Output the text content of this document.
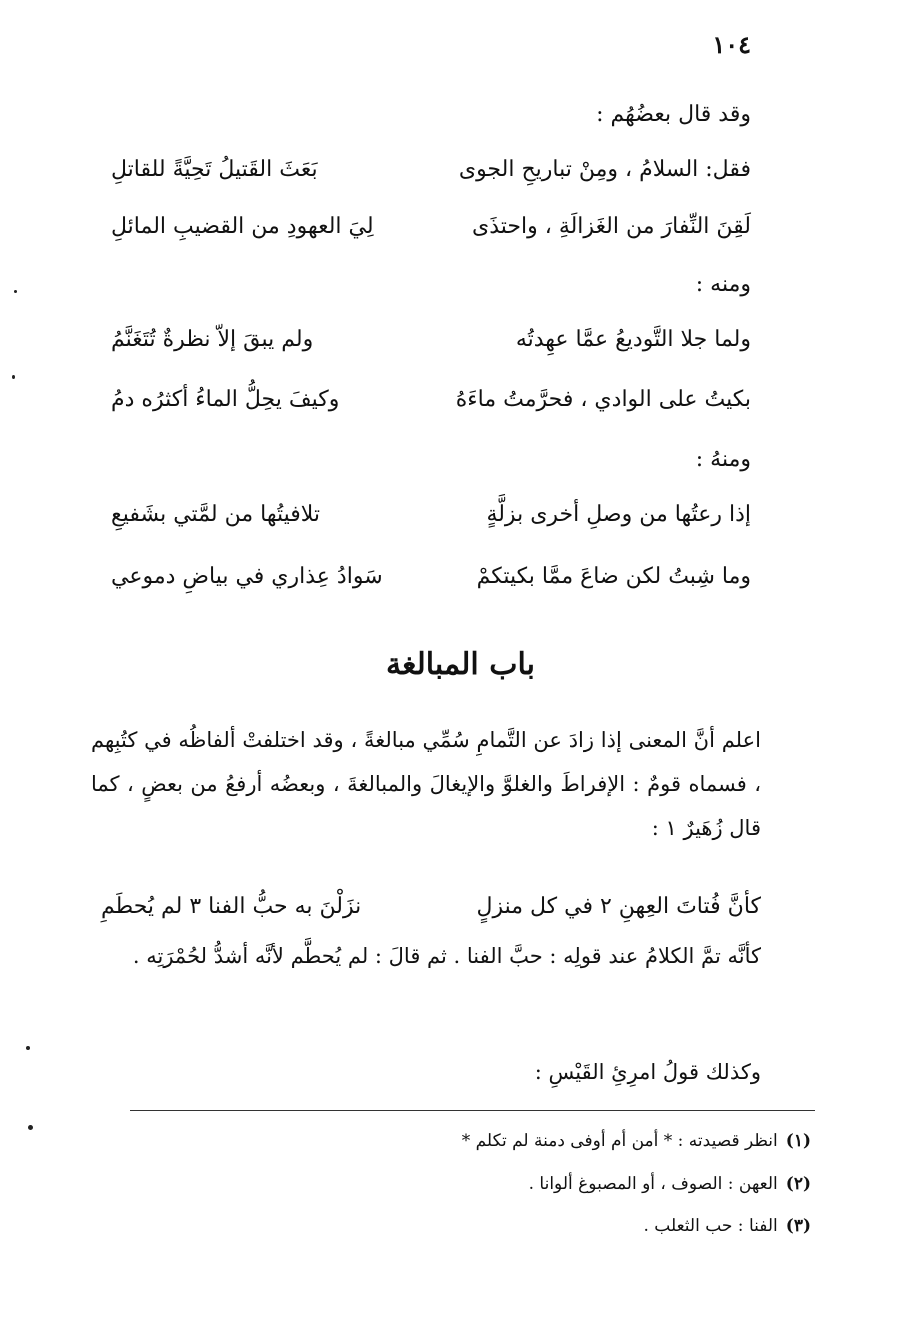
١٠٤
وقد قال بعضُهُم :
فقل: السلامُ ، ومِنْ تباريحِ الجوى
بَعَثَ القَتيلُ تَحِيَّةً للقاتلِ
لَقِنَ النِّفارَ من الغَزالَةِ ، واحتذَى
لِيَ العهودِ من القضيبِ المائلِ
ومنه :
ولما جلا التَّوديعُ عمَّا عهِدتُه
ولم يبقَ إلاّ نظرةٌ تُتَغَنَّمُ
بكيتُ على الوادي ، فحرَّمتُ ماءَهُ
وكيفَ يحِلُّ الماءُ أكثرُه دمُ
ومنهُ :
إذا رعتُها من وصلِ أخرى بزلَّةٍ
تلافيتُها من لمَّتي بشَفيعِ
وما شِبتُ لكن ضاعَ ممَّا بكيتكمْ
سَوادُ عِذاري في بياضِ دموعي
باب المبالغة
اعلم أنَّ المعنى إذا زادَ عن التَّمامِ سُمِّي مبالغةً ، وقد اختلفتْ ألفاظُه في كتُبِهم ، فسماه قومٌ : الإفراطَ والغلوَّ والإيغالَ والمبالغةَ ، وبعضُه أرفعُ من بعضٍ ، كما قال زُهَيرٌ ١ :
كأنَّ فُتاتَ العِهنِ ٢ في كل منزلٍ
نزَلْنَ به حبُّ الفنا ٣ لم يُحطَمِ
كأنَّه تمَّ الكلامُ عند قولِه : حبَّ الفنا . ثم قالَ : لم يُحطَّم لأنَّه أشدُّ لحُمْرَتِه .
وكذلك قولُ امرِئِ القَيْسِ :
(١)انظر قصيدته : * أمن أم أوفى دمنة لم تكلم *
(٢)العهن : الصوف ، أو المصبوغ ألوانا .
(٣)الفنا : حب الثعلب .
